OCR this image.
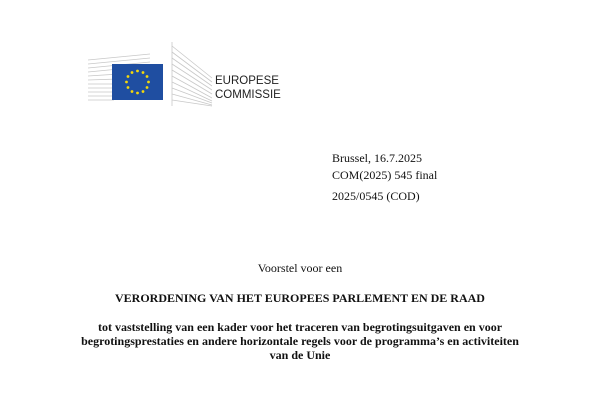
EUROPESE
COMMISSIE
Brussel, 16.7.2025
COM(2025) 545 final
2025/0545 (COD)
Voorstel voor een
VERORDENING VAN HET EUROPEES PARLEMENT EN DE RAAD
tot vaststelling van een kader voor het traceren van begrotingsuitgaven en voor
begrotingsprestaties en andere horizontale regels voor de programma’s en activiteiten
van de Unie
